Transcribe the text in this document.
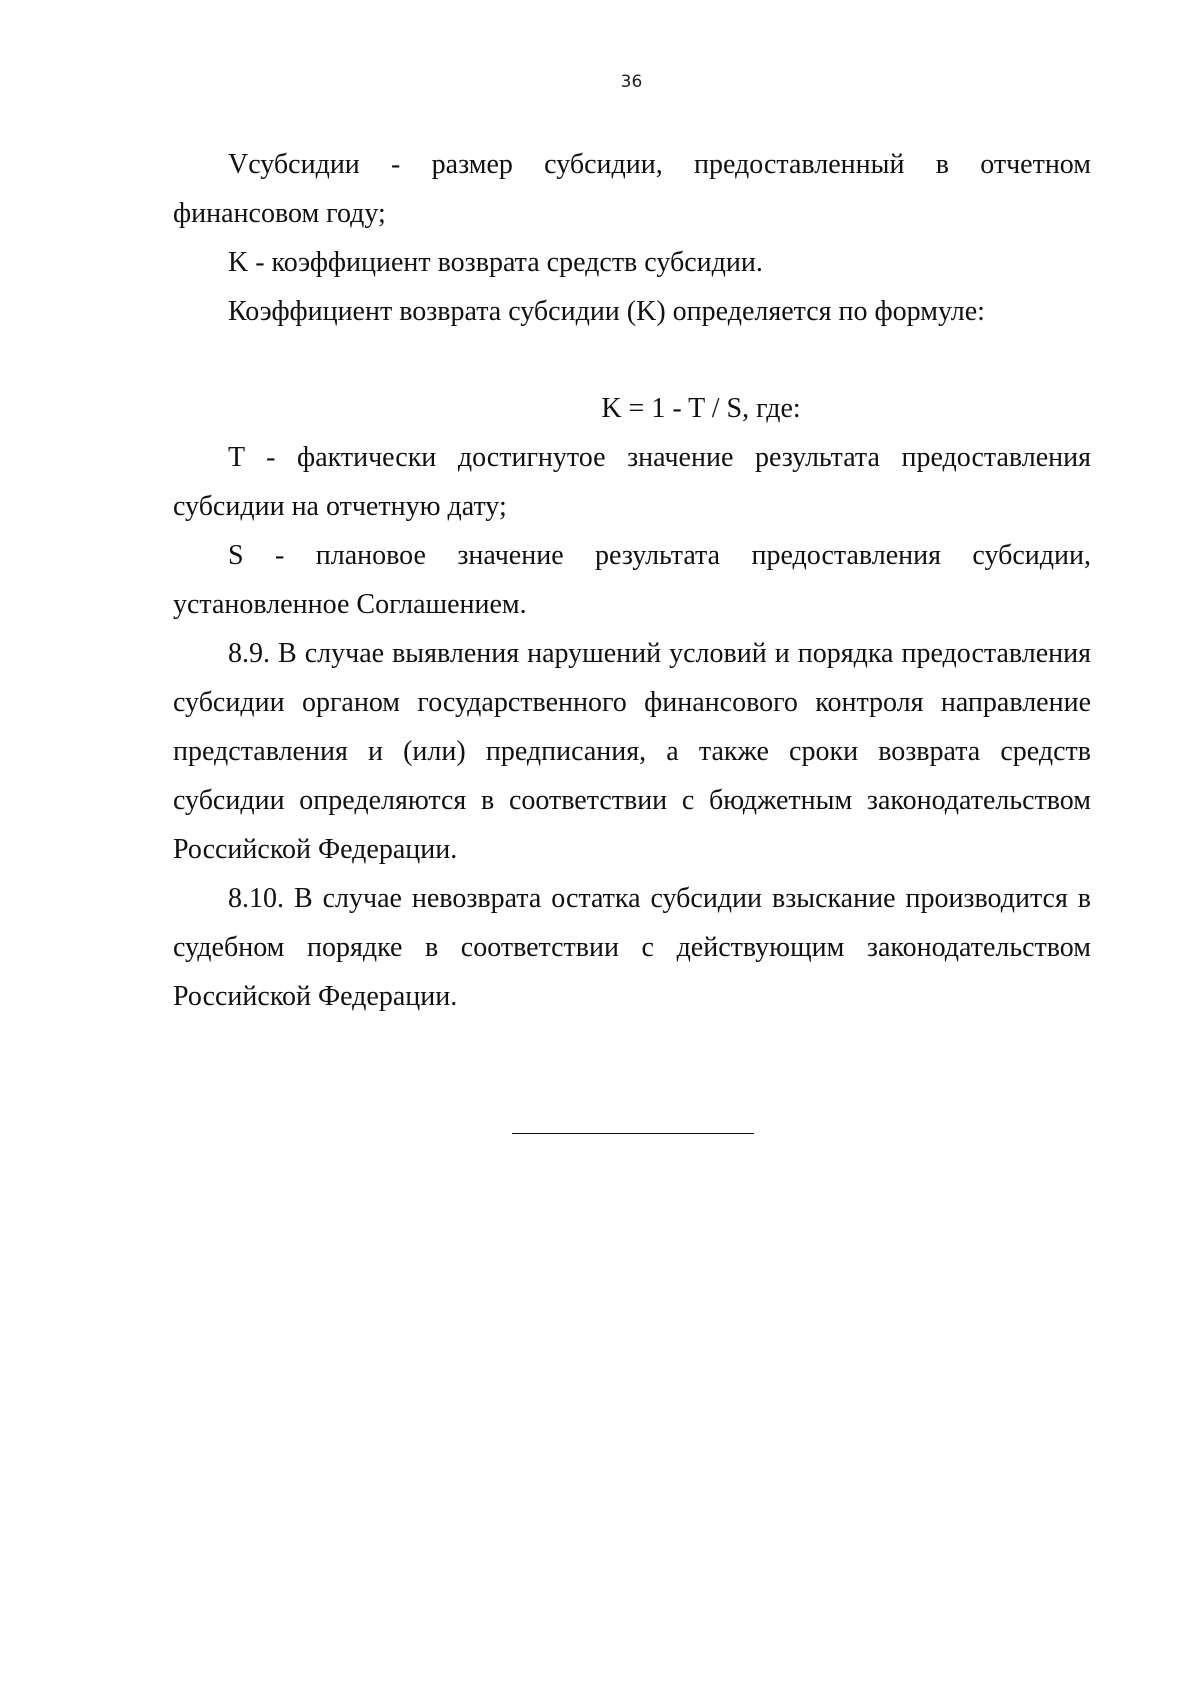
36

Vсубсидии - размер субсидии, предоставленный в отчетном финансовом году;

K - коэффициент возврата средств субсидии.

Коэффициент возврата субсидии (K) определяется по формуле:

K = 1 - T / S, где:

T - фактически достигнутое значение результата предоставления субсидии на отчетную дату;

S - плановое значение результата предоставления субсидии, установленное Соглашением.

8.9. В случае выявления нарушений условий и порядка предоставления субсидии органом государственного финансового контроля направление представления и (или) предписания, а также сроки возврата средств субсидии определяются в соответствии с бюджетным законодательством Российской Федерации.

8.10. В случае невозврата остатка субсидии взыскание производится в судебном порядке в соответствии с действующим законодательством Российской Федерации.
